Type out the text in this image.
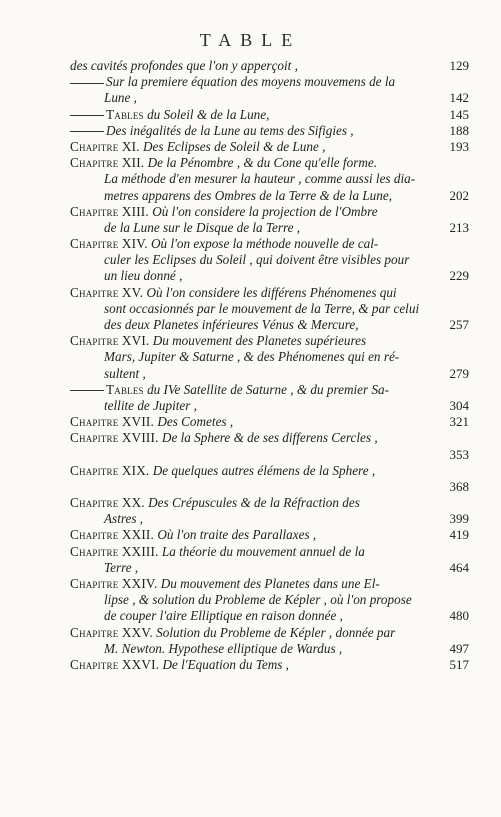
TABLE
des cavités profondes que l'on y apperçoit ,	129
Sur la premiere équation des moyens mouvemens de la
Lune ,	142
Tables du Soleil & de la Lune,	145
Des inégalités de la Lune au tems des Sifigies ,	188
Chapitre XI. Des Eclipses de Soleil & de Lune ,	193
Chapitre XII. De la Pénombre , & du Cone qu'elle forme.
La méthode d'en mesurer la hauteur , comme aussi les dia-
metres apparens des Ombres de la Terre & de la Lune,	202
Chapitre XIII. Où l'on considere la projection de l'Ombre
de la Lune sur le Disque de la Terre ,	213
Chapitre XIV. Où l'on expose la méthode nouvelle de cal-
culer les Eclipses du Soleil , qui doivent être visibles pour
un lieu donné ,	229
Chapitre XV. Où l'on considere les différens Phénomenes qui
sont occasionnés par le mouvement de la Terre, & par celui
des deux Planetes inférieures Vénus & Mercure,	257
Chapitre XVI. Du mouvement des Planetes supérieures
Mars, Jupiter & Saturne , & des Phénomenes qui en ré-
sultent ,	279
Tables du IVe Satellite de Saturne , & du premier Sa-
tellite de Jupiter ,	304
Chapitre XVII. Des Cometes ,	321
Chapitre XVIII. De la Sphere & de ses differens Cercles ,
353
Chapitre XIX. De quelques autres élémens de la Sphere ,
368
Chapitre XX. Des Crépuscules & de la Réfraction des
Astres ,	399
Chapitre XXII. Où l'on traite des Parallaxes ,	419
Chapitre XXIII. La théorie du mouvement annuel de la
Terre ,	464
Chapitre XXIV. Du mouvement des Planetes dans une El-
lipse , & solution du Probleme de Képler , où l'on propose
de couper l'aire Elliptique en raison donnée ,	480
Chapitre XXV. Solution du Probleme de Képler , donnée par
M. Newton. Hypothese elliptique de Wardus ,	497
Chapitre XXVI. De l'Equation du Tems ,	517
